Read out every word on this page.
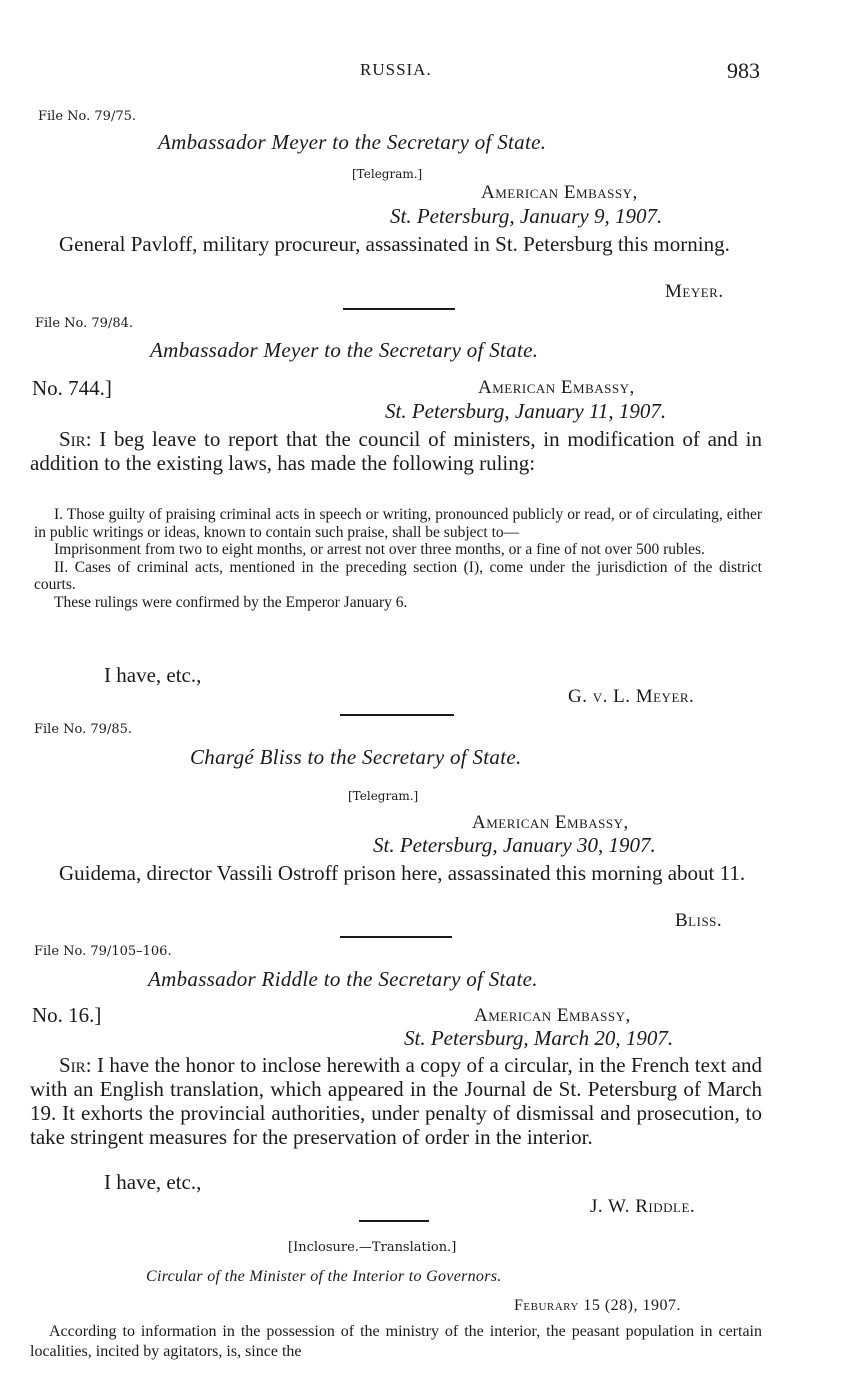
RUSSIA.	983
File No. 79/75.
Ambassador Meyer to the Secretary of State.
[Telegram.]
American Embassy,
St. Petersburg, January 9, 1907.

General Pavloff, military procureur, assassinated in St. Petersburg this morning.

Meyer.
File No. 79/84.
Ambassador Meyer to the Secretary of State.
No. 744.]	American Embassy,
St. Petersburg, January 11, 1907.

Sir: I beg leave to report that the council of ministers, in modification of and in addition to the existing laws, has made the following ruling:

I. Those guilty of praising criminal acts in speech or writing, pronounced publicly or read, or of circulating, either in public writings or ideas, known to contain such praise, shall be subject to—

Imprisonment from two to eight months, or arrest not over three months, or a fine of not over 500 rubles.

II. Cases of criminal acts, mentioned in the preceding section (I), come under the jurisdiction of the district courts.

These rulings were confirmed by the Emperor January 6.

I have, etc.,
G. v. L. Meyer.
File No. 79/85.
Chargé Bliss to the Secretary of State.
[Telegram.]
American Embassy,
St. Petersburg, January 30, 1907.

Guidema, director Vassili Ostroff prison here, assassinated this morning about 11.

Bliss.
File No. 79/105–106.
Ambassador Riddle to the Secretary of State.
No. 16.]	American Embassy,
St. Petersburg, March 20, 1907.

Sir: I have the honor to inclose herewith a copy of a circular, in the French text and with an English translation, which appeared in the Journal de St. Petersburg of March 19. It exhorts the provincial authorities, under penalty of dismissal and prosecution, to take stringent measures for the preservation of order in the interior.

I have, etc.,
J. W. Riddle.
[Inclosure.—Translation.]
Circular of the Minister of the Interior to Governors.
Feburary 15 (28), 1907.

According to information in the possession of the ministry of the interior, the peasant population in certain localities, incited by agitators, is, since the
